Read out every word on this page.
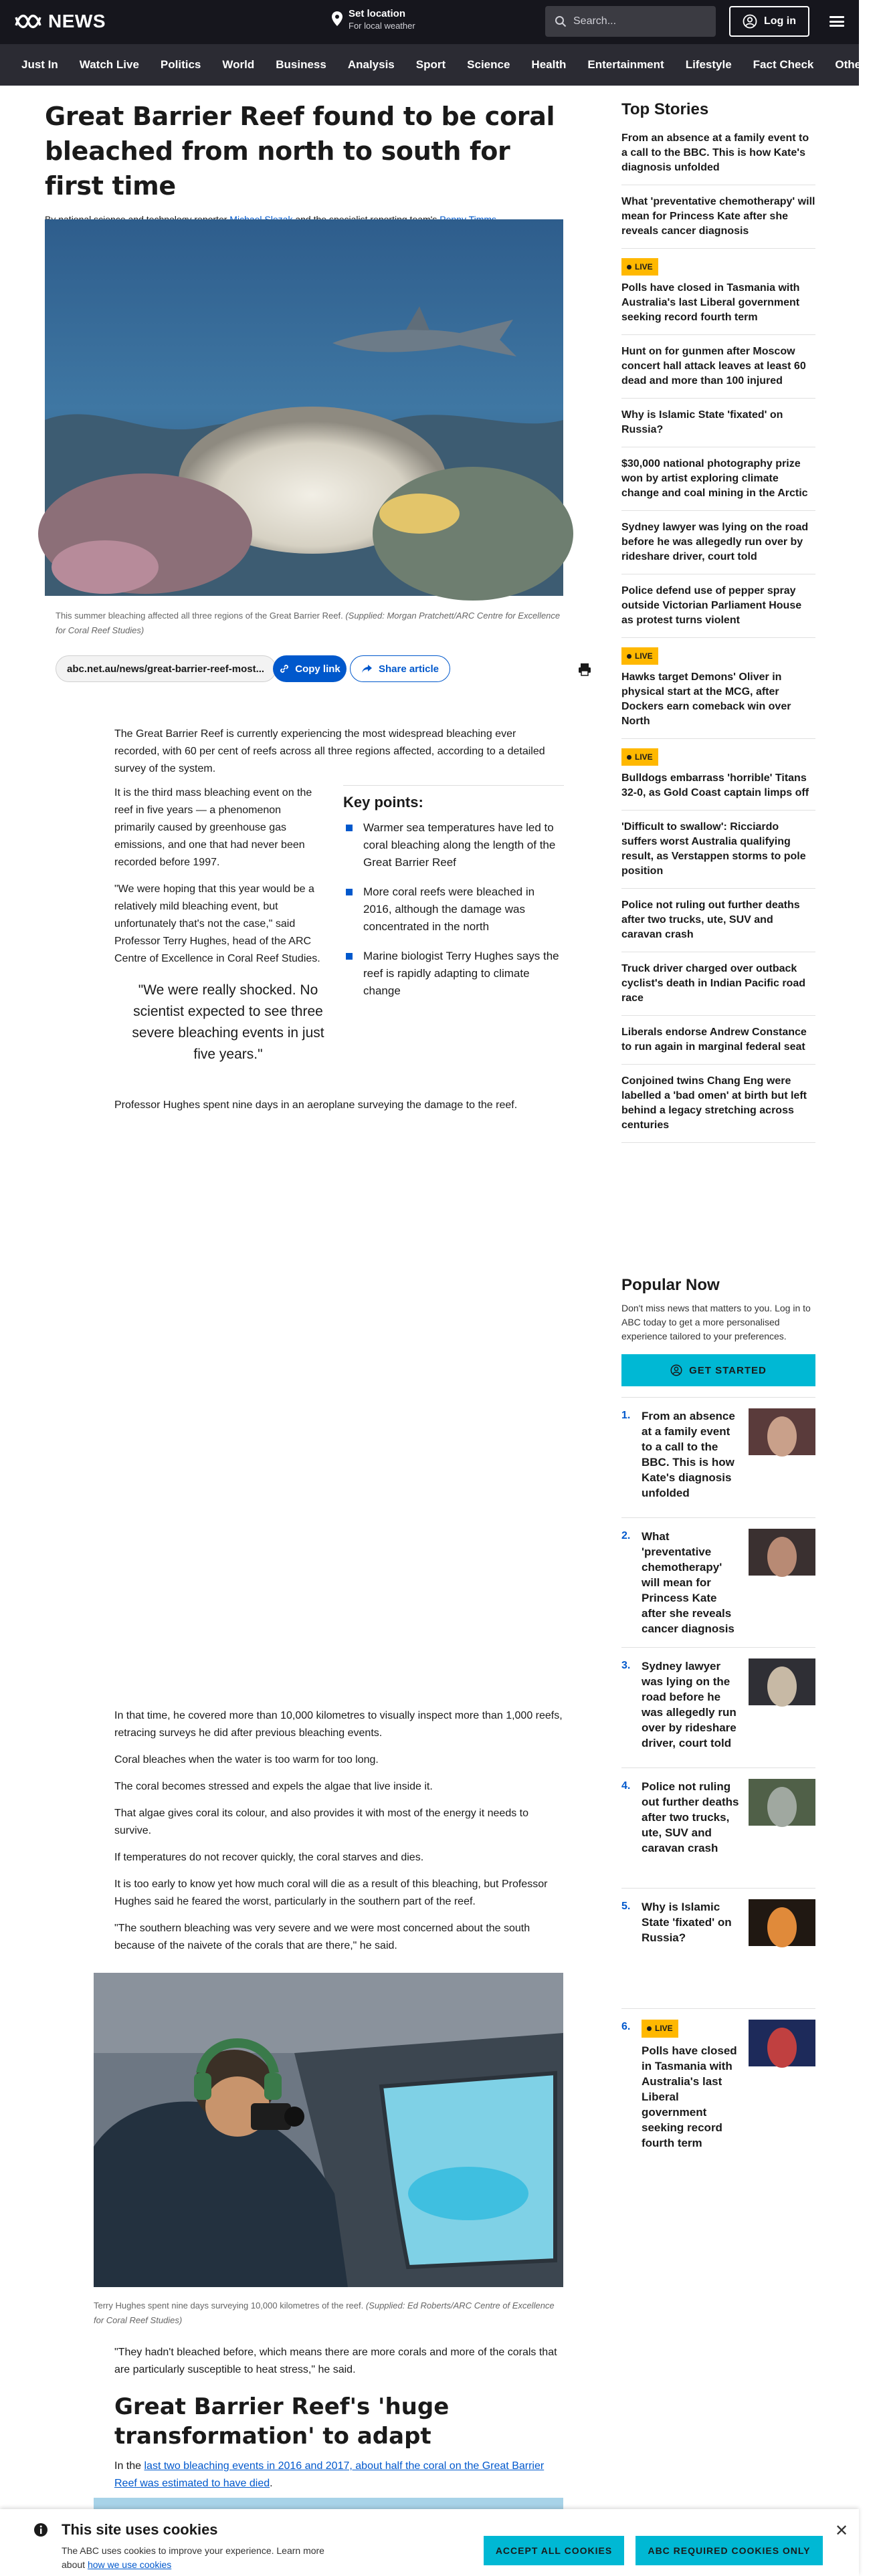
NEWS	Set location
For local weather	Search...	Log in
Just In	Watch Live	Politics	World	Business	Analysis	Sport	Science	Health	Entertainment	Lifestyle	Fact Check	Other
Great Barrier Reef found to be coral bleached from north to south for first time
This summer bleaching affected all three regions of the Great Barrier Reef. (Supplied: Morgan Pratchett/ARC Centre for Excellence for Coral Reef Studies)
abc.net.au/news/great-barrier-reef-most...	Copy link	Share article

The Great Barrier Reef is currently experiencing the most widespread bleaching ever recorded, with 60 per cent of reefs across all three regions affected, according to a detailed survey of the system.

It is the third mass bleaching event on the reef in five years — a phenomenon primarily caused by greenhouse gas emissions, and one that had never been recorded before 1997.

"We were hoping that this year would be a relatively mild bleaching event, but unfortunately that's not the case," said Professor Terry Hughes, head of the ARC Centre of Excellence in Coral Reef Studies.

Key points:
Warmer sea temperatures have led to coral bleaching along the length of the Great Barrier Reef
More coral reefs were bleached in 2016, although the damage was concentrated in the north
Marine biologist Terry Hughes says the reef is rapidly adapting to climate change
"We were really shocked. No scientist expected to see three severe bleaching events in just five years."

Professor Hughes spent nine days in an aeroplane surveying the damage to the reef.

In that time, he covered more than 10,000 kilometres to visually inspect more than 1,000 reefs, retracing surveys he did after previous bleaching events.

Coral bleaches when the water is too warm for too long.

The coral becomes stressed and expels the algae that live inside it.

That algae gives coral its colour, and also provides it with most of the energy it needs to survive.

If temperatures do not recover quickly, the coral starves and dies.

It is too early to know yet how much coral will die as a result of this bleaching, but Professor Hughes said he feared the worst, particularly in the southern part of the reef.

"The southern bleaching was very severe and we were most concerned about the south because of the naivete of the corals that are there," he said.

Terry Hughes spent nine days surveying 10,000 kilometres of the reef. (Supplied: Ed Roberts/ARC Centre of Excellence for Coral Reef Studies)

"They hadn't bleached before, which means there are more corals and more of the corals that are particularly susceptible to heat stress," he said.

Great Barrier Reef's 'huge transformation' to adapt
In the last two bleaching events in 2016 and 2017, about half the coral on the Great Barrier Reef was estimated to have died.
Top Stories
From an absence at a family event to a call to the BBC. This is how Kate's diagnosis unfolded
What 'preventative chemotherapy' will mean for Princess Kate after she reveals cancer diagnosis
LIVE
Polls have closed in Tasmania with Australia's last Liberal government seeking record fourth term
Hunt on for gunmen after Moscow concert hall attack leaves at least 60 dead and more than 100 injured
Why is Islamic State 'fixated' on Russia?
$30,000 national photography prize won by artist exploring climate change and coal mining in the Arctic
Sydney lawyer was lying on the road before he was allegedly run over by rideshare driver, court told
Police defend use of pepper spray outside Victorian Parliament House as protest turns violent
LIVE
Hawks target Demons' Oliver in physical start at the MCG, after Dockers earn comeback win over North
LIVE
Bulldogs embarrass 'horrible' Titans 32-0, as Gold Coast captain limps off
'Difficult to swallow': Ricciardo suffers worst Australia qualifying result, as Verstappen storms to pole position
Police not ruling out further deaths after two trucks, ute, SUV and caravan crash
Truck driver charged over outback cyclist's death in Indian Pacific road race
Liberals endorse Andrew Constance to run again in marginal federal seat
Conjoined twins Chang Eng were labelled a 'bad omen' at birth but left behind a legacy stretching across centuries
Popular Now
Don't miss news that matters to you. Log in to ABC today to get a more personalised experience tailored to your preferences.
GET STARTED
1. From an absence at a family event to a call to the BBC. This is how Kate's diagnosis unfolded
2. What 'preventative chemotherapy' will mean for Princess Kate after she reveals cancer diagnosis
3. Sydney lawyer was lying on the road before he was allegedly run over by rideshare driver, court told
4. Police not ruling out further deaths after two trucks, ute, SUV and caravan crash
5. Why is Islamic State 'fixated' on Russia?
6.	LIVE
Polls have closed in Tasmania with Australia's last Liberal government seeking record fourth term
This site uses cookies
The ABC uses cookies to improve your experience. Learn more about how we use cookies
✕
ACCEPT ALL COOKIES	ABC REQUIRED COOKIES ONLY
